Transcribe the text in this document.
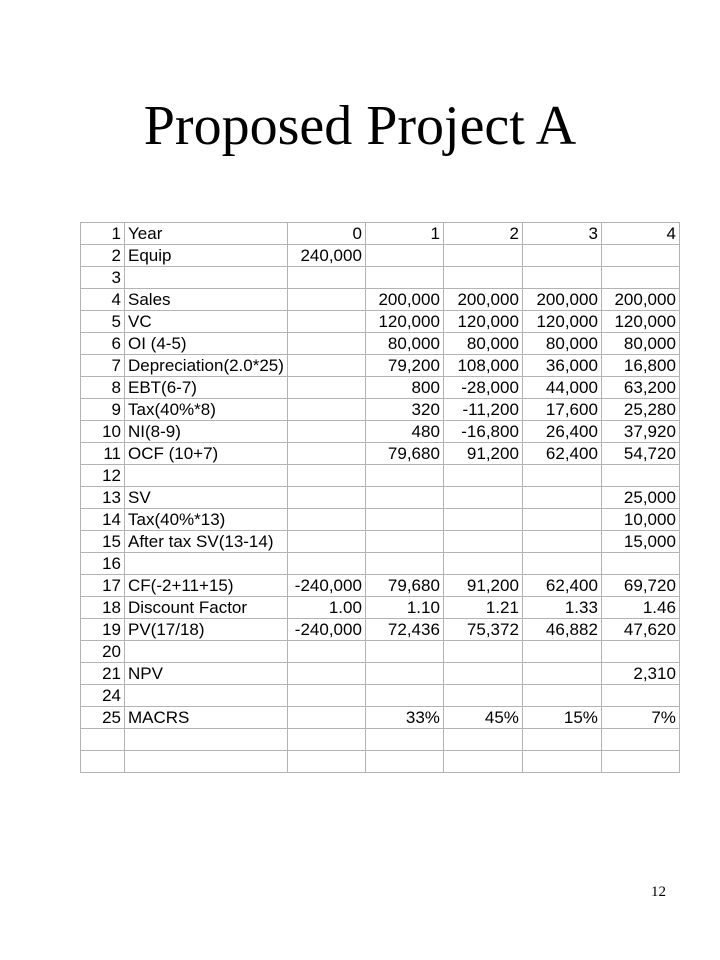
Proposed Project A
1	Year	0	1	2	3	4
2	Equip	240,000				
3						
4	Sales		200,000	200,000	200,000	200,000
5	VC		120,000	120,000	120,000	120,000
6	OI (4-5)		80,000	80,000	80,000	80,000
7	Depreciation(2.0*25)		79,200	108,000	36,000	16,800
8	EBT(6-7)		800	-28,000	44,000	63,200
9	Tax(40%*8)		320	-11,200	17,600	25,280
10	NI(8-9)		480	-16,800	26,400	37,920
11	OCF (10+7)		79,680	91,200	62,400	54,720
12						
13	SV					25,000
14	Tax(40%*13)					10,000
15	After tax SV(13-14)					15,000
16						
17	CF(-2+11+15)	-240,000	79,680	91,200	62,400	69,720
18	Discount Factor	1.00	1.10	1.21	1.33	1.46
19	PV(17/18)	-240,000	72,436	75,372	46,882	47,620
20						
21	NPV					2,310
24						
25	MACRS		33%	45%	15%	7%

12
